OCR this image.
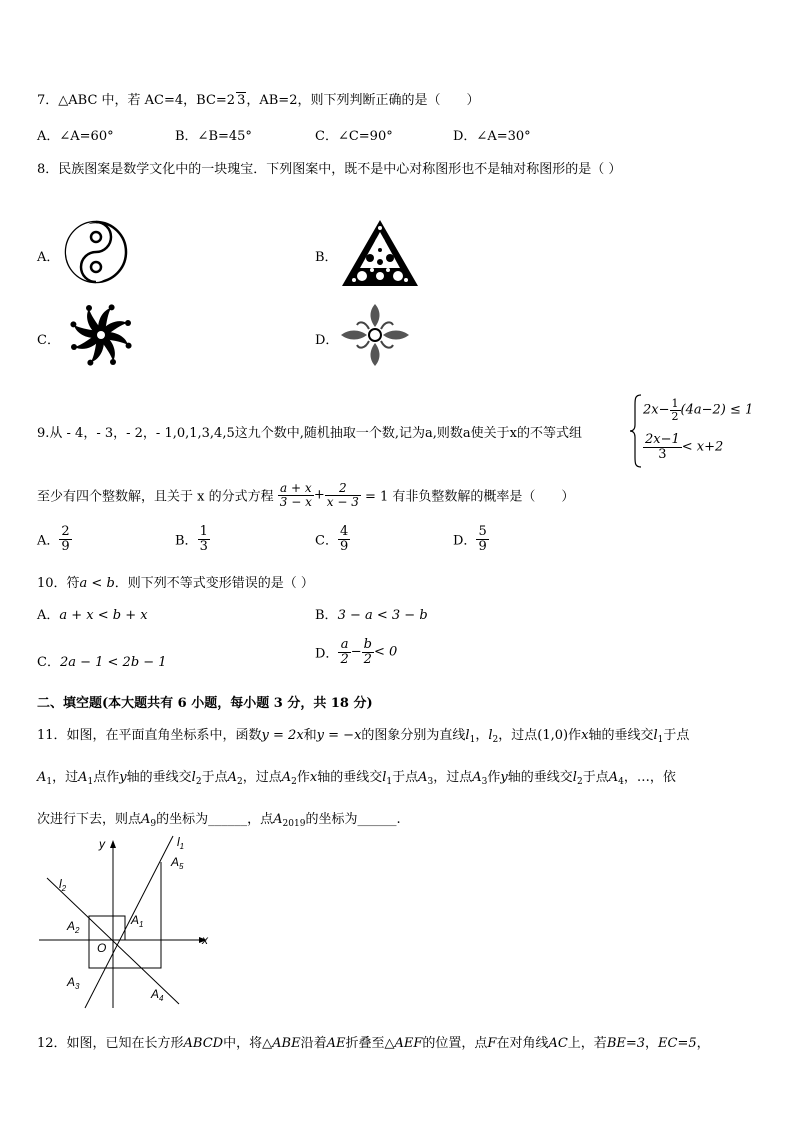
7．△ABC 中，若 AC=4，BC=2 3，AB=2，则下列判断正确的是（　　）
A．∠A=60°	B．∠B=45°	C．∠C=90°	D．∠A=30°
8．民族图案是数学文化中的一块瑰宝．下列图案中，既不是中心对称图形也不是轴对称图形的是（ ）
A．	B．
C．	D．
9.从 - 4，- 3，- 2，- 1,0,1,3,4,5这九个数中,随机抽取一个数,记为a,则数a使关于x的不等式组
$2x- \frac{1}{2} (4a-2) \le 1$
$\frac{2x-1}{3} < x+2$
至少有四个整数解，且关于 x 的分式方程 $\frac{a + x}{3 - x} + \frac{2}{x - 3} = 1$ 有非负整数解的概率是（　　）
A． $\frac{2}{9}$	B． $\frac{1}{3}$	C． $\frac{4}{9}$	D． $\frac{5}{9}$
10．符a < b．则下列不等式变形错误的是（ ）
A．a + x < b + x	B．3 − a < 3 − b
C．2a − 1 < 2b − 1
D． $\frac{a}{2} - \frac{b}{2} < 0$
二、填空题(本大题共有 6 小题，每小题 3 分，共 18 分)
11．如图，在平面直角坐标系中，函数y = 2x和y = −x的图象分别为直线$l_1$，$l_2$，过点(1,0)作x轴的垂线交$l_1$于点
$A_1$，过$A_1$点作y轴的垂线交$l_2$于点$A_2$，过点$A_2$作x轴的垂线交$l_1$于点$A_3$，过点$A_3$作y轴的垂线交$l_2$于点$A_4$，…，依
次进行下去，则点$A_9$的坐标为______，点$A_{2019}$的坐标为______.
y
x
O
$l_1$
$l_2$
$A_1$
$A_2$
$A_3$
$A_4$
$A_5$
12．如图，已知在长方形ABCD中，将△ABE沿着AE折叠至△AEF的位置，点F在对角线AC上，若BE=3，EC=5，
